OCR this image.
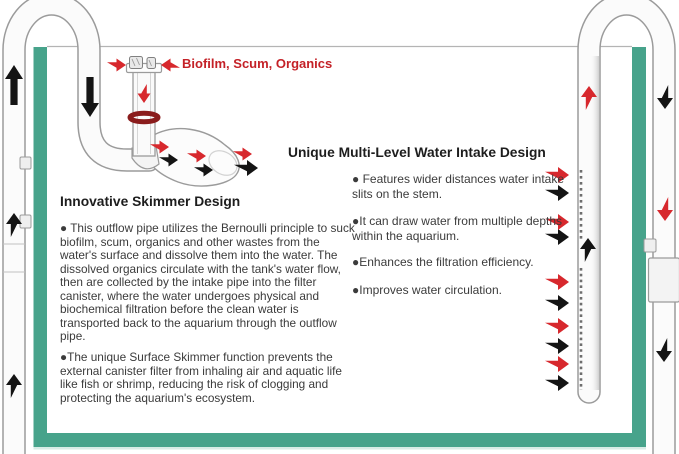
Biofilm, Scum, Organics
Innovative Skimmer Design
● This outflow pipe utilizes the Bernoulli principle to suck biofilm, scum, organics and other wastes from the water's surface and dissolve them into the water. The dissolved organics circulate with the tank's water flow, then are collected by the intake pipe into the filter canister, where the water undergoes physical and biochemical filtration before the clean water is transported back to the aquarium through the outflow pipe.
●The unique Surface Skimmer function prevents the external canister filter from inhaling air and aquatic life like fish or shrimp, reducing the risk of clogging and protecting the aquarium's ecosystem.
Unique Multi-Level Water Intake Design
● Features wider distances water intake slits on the stem.
●It can draw water from multiple depths within the aquarium.
●Enhances the filtration efficiency.
●Improves water circulation.
